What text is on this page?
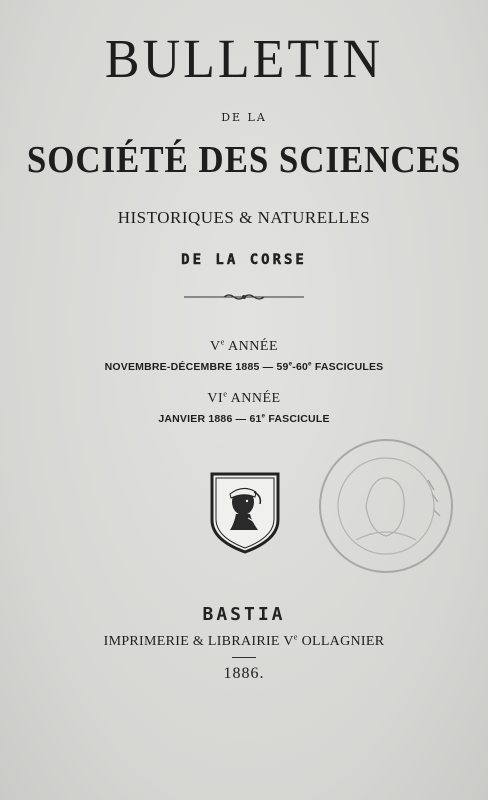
BULLETIN
DE LA
SOCIÉTÉ DES SCIENCES
HISTORIQUES & NATURELLES
DE LA CORSE
Ve ANNÉE
NOVEMBRE-DÉCEMBRE 1885 — 59e-60e FASCICULES
VIe ANNÉE
JANVIER 1886 — 61e FASCICULE
BASTIA
IMPRIMERIE & LIBRAIRIE Ve OLLAGNIER
1886.
